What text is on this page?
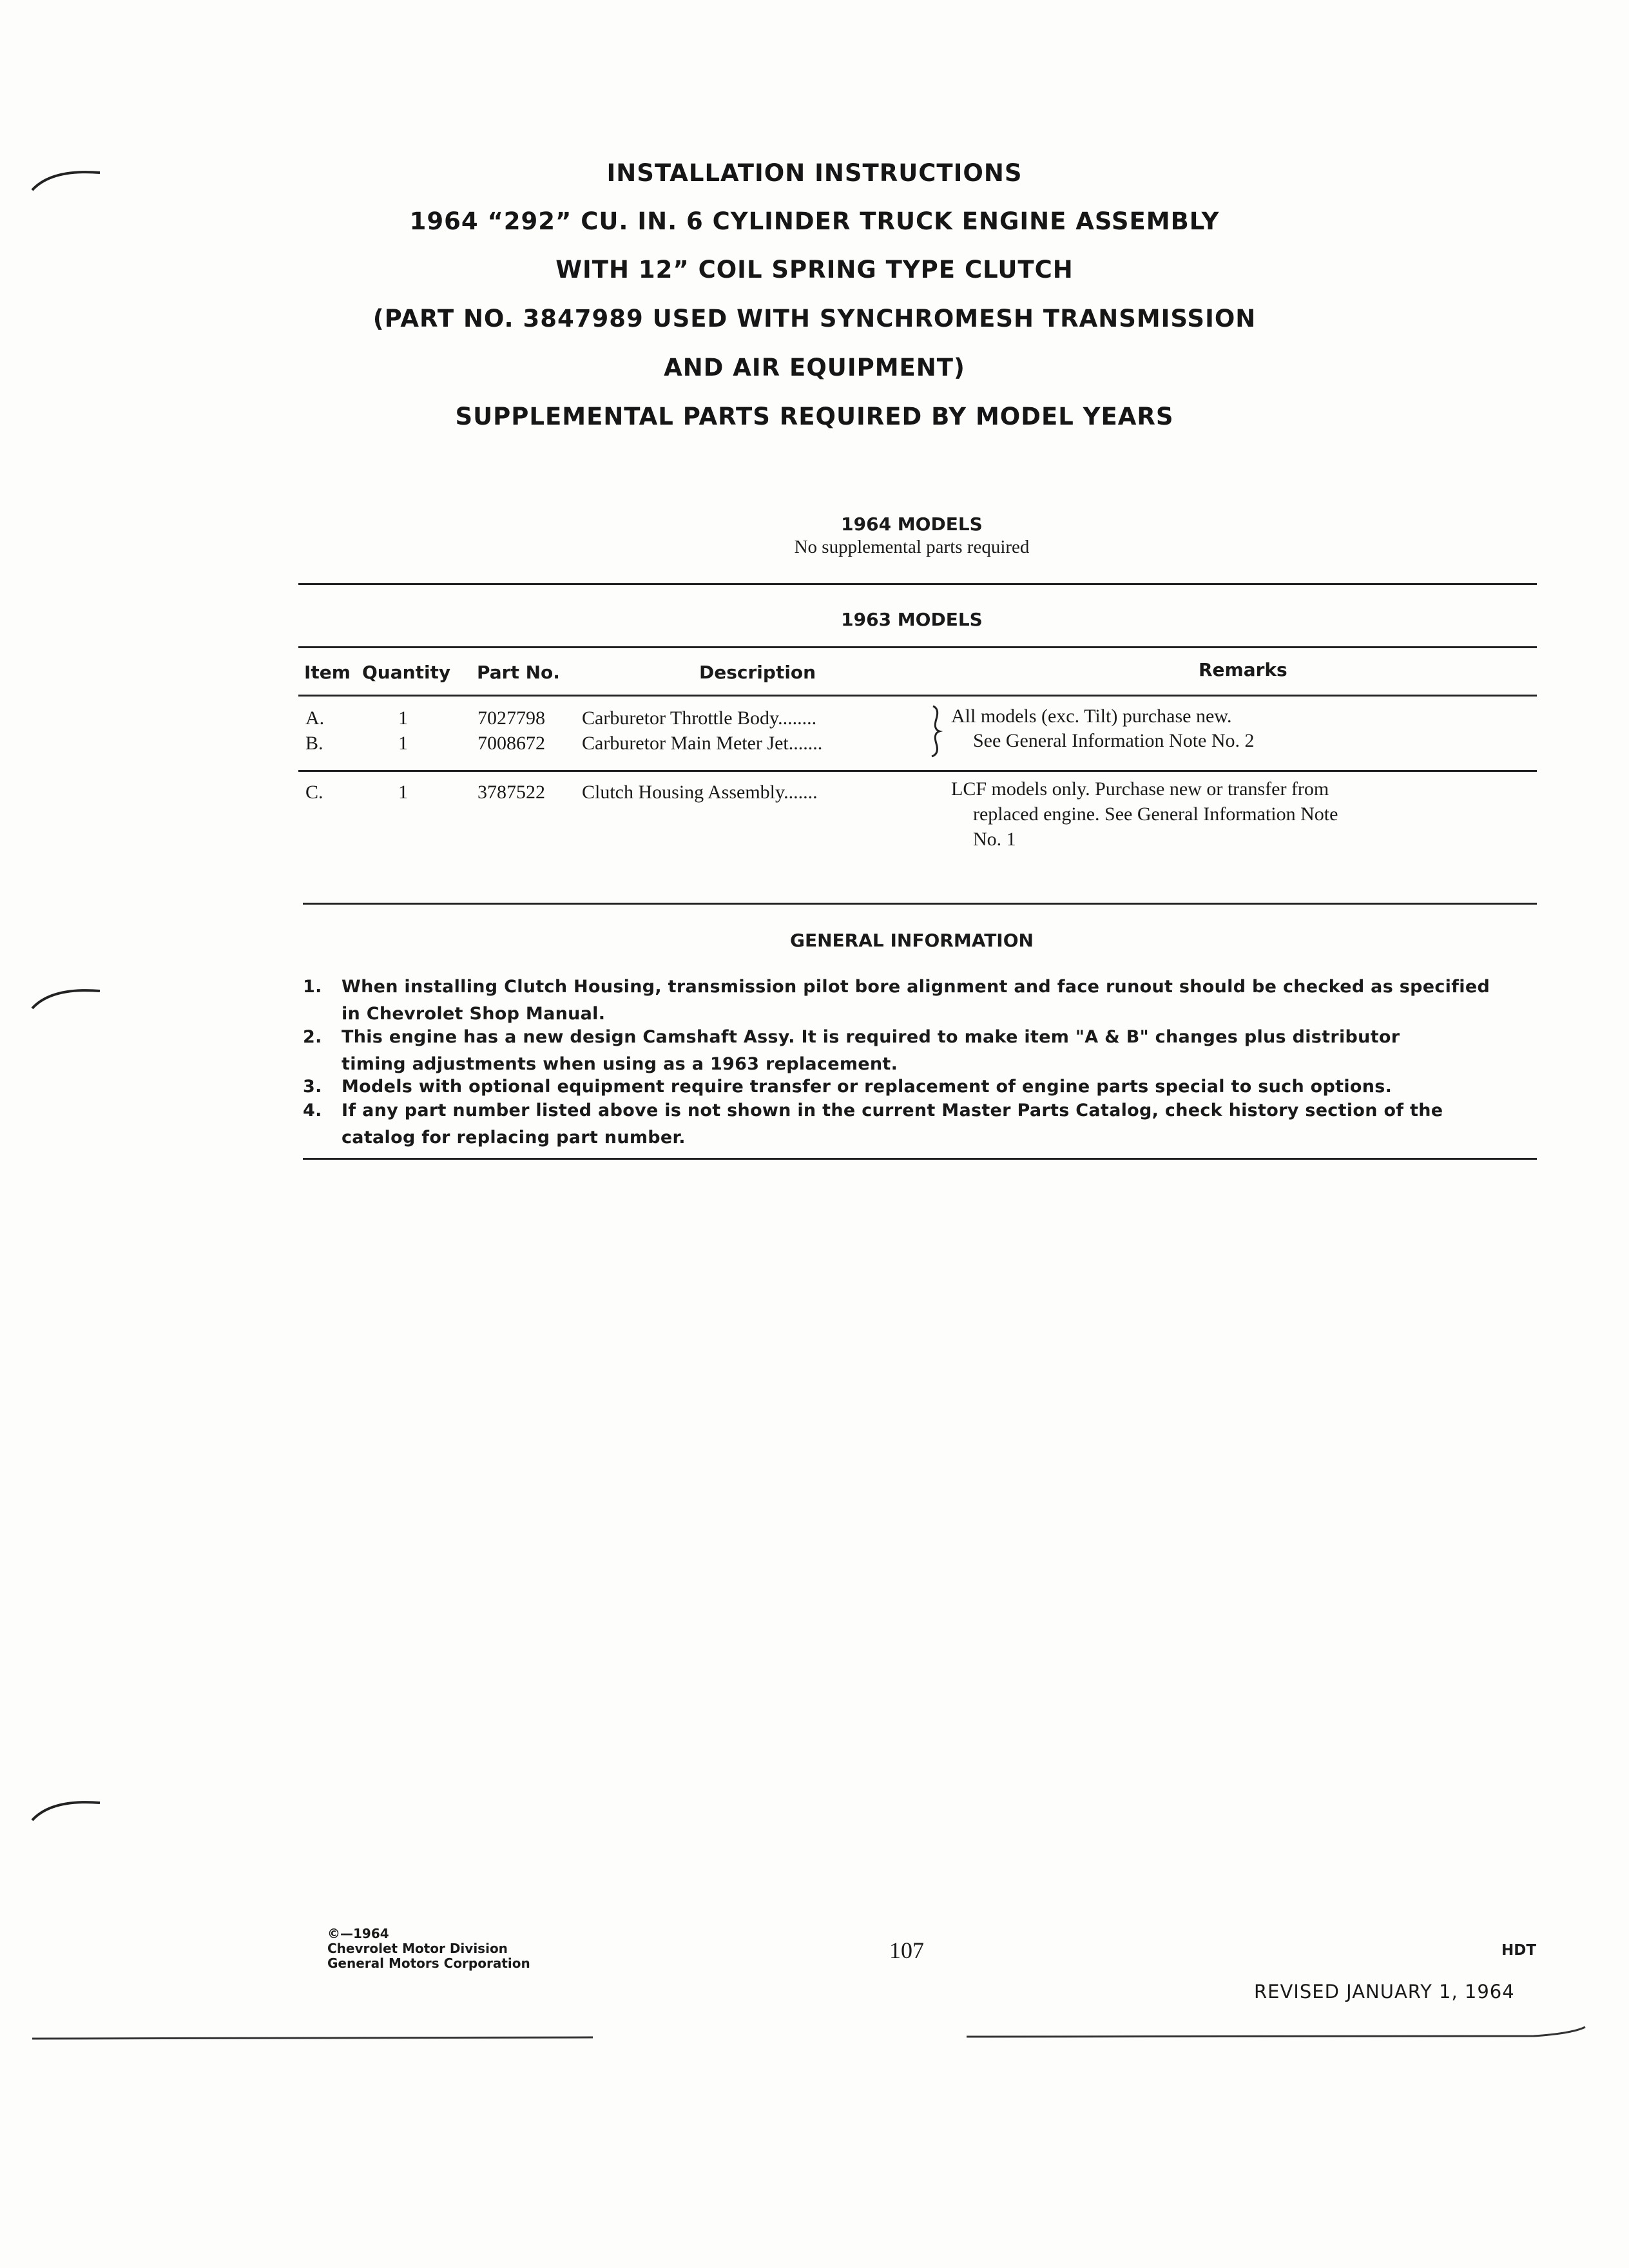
INSTALLATION INSTRUCTIONS
1964 “292” CU. IN. 6 CYLINDER TRUCK ENGINE ASSEMBLY
WITH 12” COIL SPRING TYPE CLUTCH
(PART NO. 3847989 USED WITH SYNCHROMESH TRANSMISSION
AND AIR EQUIPMENT)
SUPPLEMENTAL PARTS REQUIRED BY MODEL YEARS
1964 MODELS
No supplemental parts required
1963 MODELS
Item Quantity Part No.	Description	Remarks
A.	1	7027798 Carburetor Throttle Body........
B.	1	7008672 Carburetor Main Meter Jet.......
All models (exc. Tilt) purchase new.
See General Information Note No. 2
C.	1	3787522 Clutch Housing Assembly.......	LCF models only. Purchase new or transfer from
replaced engine. See General Information Note
No. 1
GENERAL INFORMATION
1. When installing Clutch Housing, transmission pilot bore alignment and face runout should be checked as specified
in Chevrolet Shop Manual.
2. This engine has a new design Camshaft Assy. It is required to make item "A & B" changes plus distributor
timing adjustments when using as a 1963 replacement.
3. Models with optional equipment require transfer or replacement of engine parts special to such options.
4. If any part number listed above is not shown in the current Master Parts Catalog, check history section of the
catalog for replacing part number.
©—1964
Chevrolet Motor Division
General Motors Corporation	107	HDT
REVISED JANUARY 1, 1964
